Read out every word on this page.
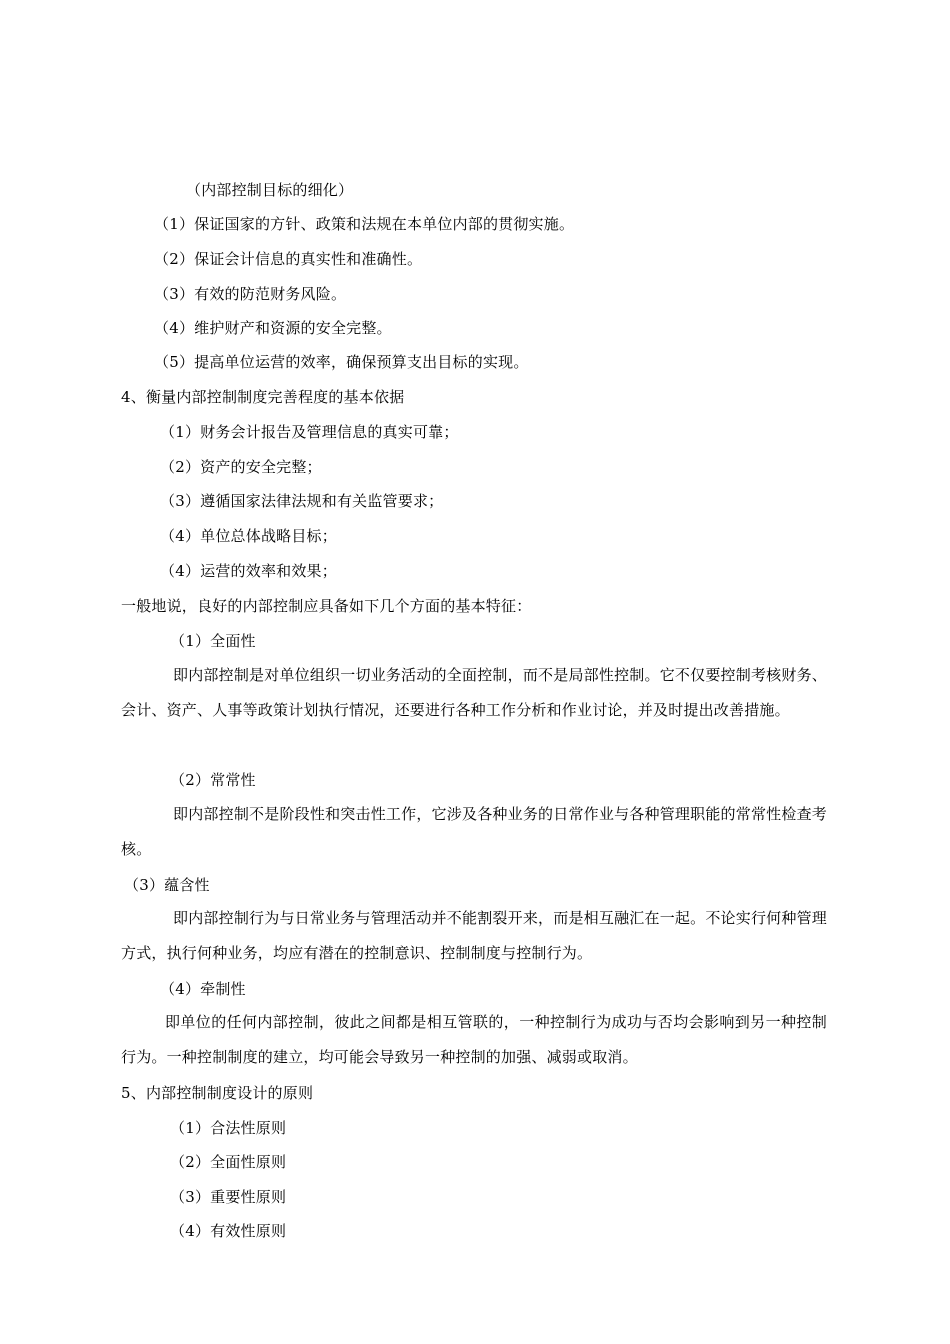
（内部控制目标的细化）
（1）保证国家的方针、政策和法规在本单位内部的贯彻实施。
（2）保证会计信息的真实性和准确性。
（3）有效的防范财务风险。
（4）维护财产和资源的安全完整。
（5）提高单位运营的效率，确保预算支出目标的实现。
4、衡量内部控制制度完善程度的基本依据
（1）财务会计报告及管理信息的真实可靠；
（2）资产的安全完整；
（3）遵循国家法律法规和有关监管要求；
（4）单位总体战略目标；
（4）运营的效率和效果；
一般地说，良好的内部控制应具备如下几个方面的基本特征：
（1）全面性
即内部控制是对单位组织一切业务活动的全面控制，而不是局部性控制。它不仅要控制考核财务、会计、资产、人事等政策计划执行情况，还要进行各种工作分析和作业讨论，并及时提出改善措施。
（2）常常性
即内部控制不是阶段性和突击性工作，它涉及各种业务的日常作业与各种管理职能的常常性检查考核。
（3）蕴含性
即内部控制行为与日常业务与管理活动并不能割裂开来，而是相互融汇在一起。不论实行何种管理方式，执行何种业务，均应有潜在的控制意识、控制制度与控制行为。
（4）牵制性
即单位的任何内部控制，彼此之间都是相互管联的，一种控制行为成功与否均会影响到另一种控制行为。一种控制制度的建立，均可能会导致另一种控制的加强、减弱或取消。
5、内部控制制度设计的原则
（1）合法性原则
（2）全面性原则
（3）重要性原则
（4）有效性原则
